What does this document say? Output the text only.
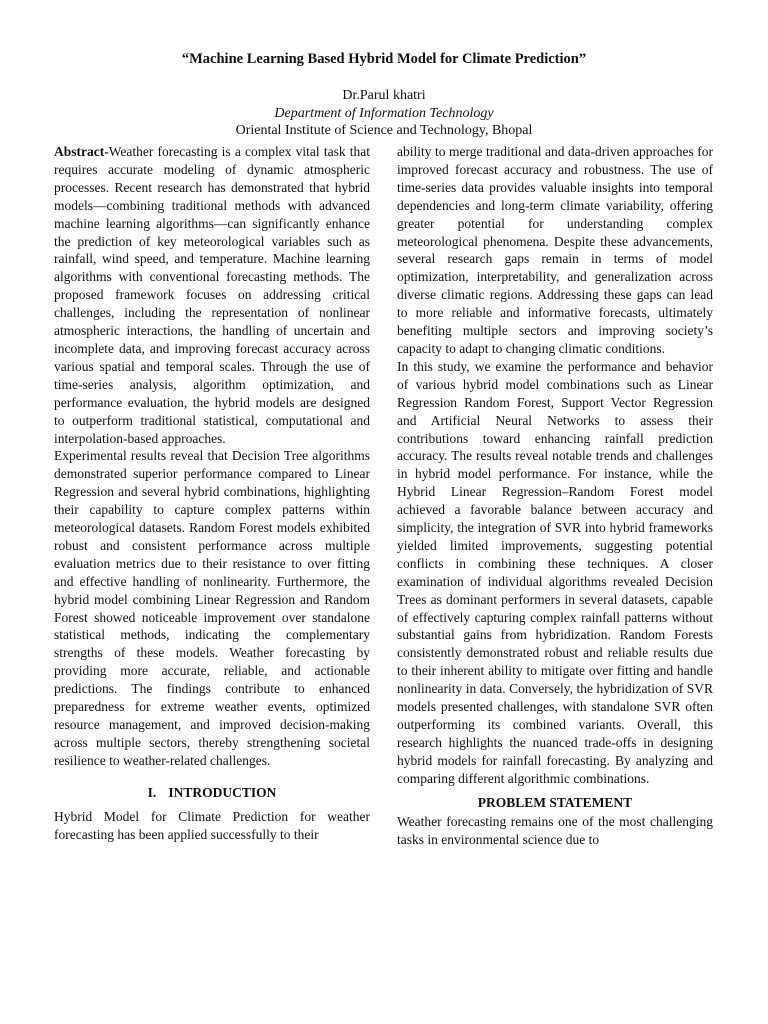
“Machine Learning Based Hybrid Model for Climate Prediction”
Dr.Parul khatri
Department of Information Technology
Oriental Institute of Science and Technology, Bhopal

Abstract-Weather forecasting is a complex vital task that requires accurate modeling of dynamic atmospheric processes. Recent research has demonstrated that hybrid models—combining traditional methods with advanced machine learning algorithms—can significantly enhance the prediction of key meteorological variables such as rainfall, wind speed, and temperature. Machine learning algorithms with conventional forecasting methods. The proposed framework focuses on addressing critical challenges, including the representation of nonlinear atmospheric interactions, the handling of uncertain and incomplete data, and improving forecast accuracy across various spatial and temporal scales. Through the use of time-series analysis, algorithm optimization, and performance evaluation, the hybrid models are designed to outperform traditional statistical, computational and interpolation-based approaches.

Experimental results reveal that Decision Tree algorithms demonstrated superior performance compared to Linear Regression and several hybrid combinations, highlighting their capability to capture complex patterns within meteorological datasets. Random Forest models exhibited robust and consistent performance across multiple evaluation metrics due to their resistance to over fitting and effective handling of nonlinearity. Furthermore, the hybrid model combining Linear Regression and Random Forest showed noticeable improvement over standalone statistical methods, indicating the complementary strengths of these models. Weather forecasting by providing more accurate, reliable, and actionable predictions. The findings contribute to enhanced preparedness for extreme weather events, optimized resource management, and improved decision-making across multiple sectors, thereby strengthening societal resilience to weather-related challenges.

I. INTRODUCTION

Hybrid Model for Climate Prediction for weather forecasting has been applied successfully to their

ability to merge traditional and data-driven approaches for improved forecast accuracy and robustness. The use of time-series data provides valuable insights into temporal dependencies and long-term climate variability, offering greater potential for understanding complex meteorological phenomena. Despite these advancements, several research gaps remain in terms of model optimization, interpretability, and generalization across diverse climatic regions. Addressing these gaps can lead to more reliable and informative forecasts, ultimately benefiting multiple sectors and improving society’s capacity to adapt to changing climatic conditions.

In this study, we examine the performance and behavior of various hybrid model combinations such as Linear Regression Random Forest, Support Vector Regression and Artificial Neural Networks to assess their contributions toward enhancing rainfall prediction accuracy. The results reveal notable trends and challenges in hybrid model performance. For instance, while the Hybrid Linear Regression–Random Forest model achieved a favorable balance between accuracy and simplicity, the integration of SVR into hybrid frameworks yielded limited improvements, suggesting potential conflicts in combining these techniques. A closer examination of individual algorithms revealed Decision Trees as dominant performers in several datasets, capable of effectively capturing complex rainfall patterns without substantial gains from hybridization. Random Forests consistently demonstrated robust and reliable results due to their inherent ability to mitigate over fitting and handle nonlinearity in data. Conversely, the hybridization of SVR models presented challenges, with standalone SVR often outperforming its combined variants. Overall, this research highlights the nuanced trade-offs in designing hybrid models for rainfall forecasting. By analyzing and comparing different algorithmic combinations.

PROBLEM STATEMENT

Weather forecasting remains one of the most challenging tasks in environmental science due to
